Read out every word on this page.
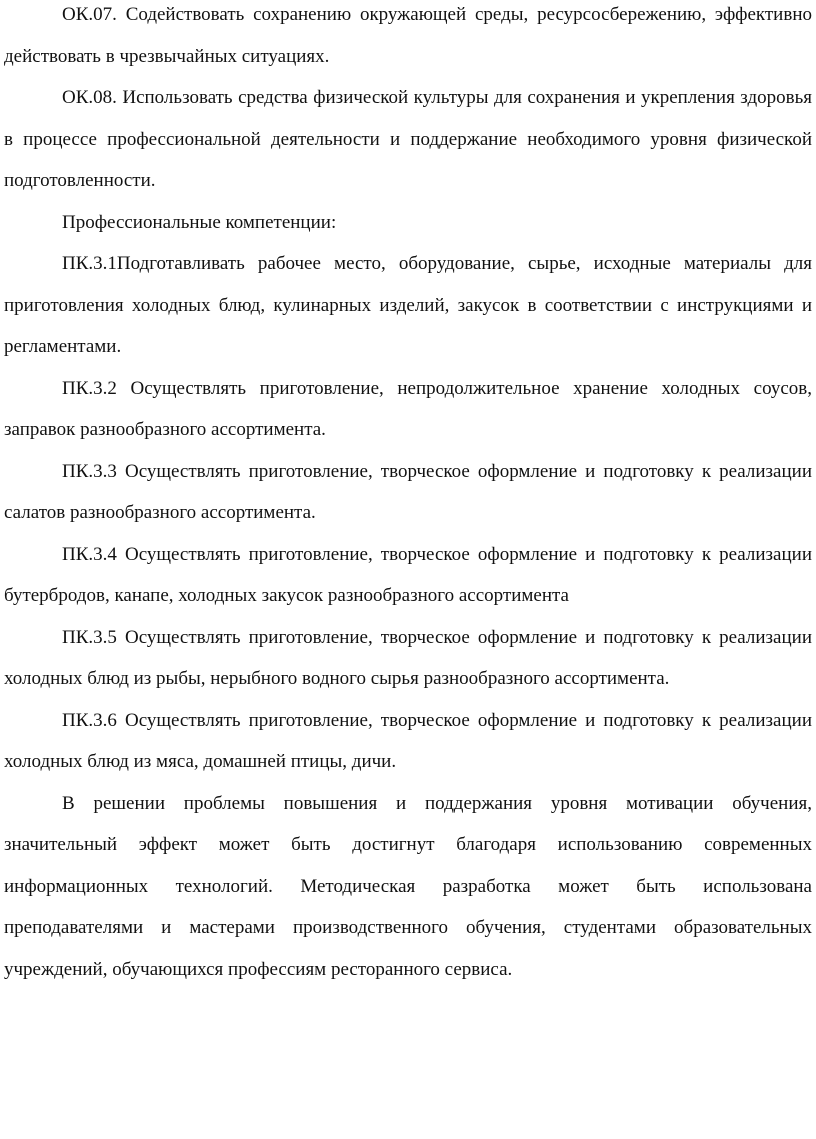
ОК.07. Содействовать сохранению окружающей среды, ресурсосбережению, эффективно действовать в чрезвычайных ситуациях.

ОК.08. Использовать средства физической культуры для сохранения и укрепления здоровья в процессе профессиональной деятельности и поддержание необходимого уровня физической подготовленности.

Профессиональные компетенции:

ПК.3.1Подготавливать рабочее место, оборудование, сырье, исходные материалы для приготовления холодных блюд, кулинарных изделий, закусок в соответствии с инструкциями и регламентами.

ПК.3.2 Осуществлять приготовление, непродолжительное хранение холодных соусов, заправок разнообразного ассортимента.

ПК.3.3 Осуществлять приготовление, творческое оформление и подготовку к реализации салатов разнообразного ассортимента.

ПК.3.4 Осуществлять приготовление, творческое оформление и подготовку к реализации бутербродов, канапе, холодных закусок разнообразного ассортимента

ПК.3.5 Осуществлять приготовление, творческое оформление и подготовку к реализации холодных блюд из рыбы, нерыбного водного сырья разнообразного ассортимента.

ПК.3.6 Осуществлять приготовление, творческое оформление и подготовку к реализации холодных блюд из мяса, домашней птицы, дичи.

В решении проблемы повышения и поддержания уровня мотивации обучения, значительный эффект может быть достигнут благодаря использованию современных информационных технологий. Методическая разработка может быть использована преподавателями и мастерами производственного обучения, студентами образовательных учреждений, обучающихся профессиям ресторанного сервиса.
